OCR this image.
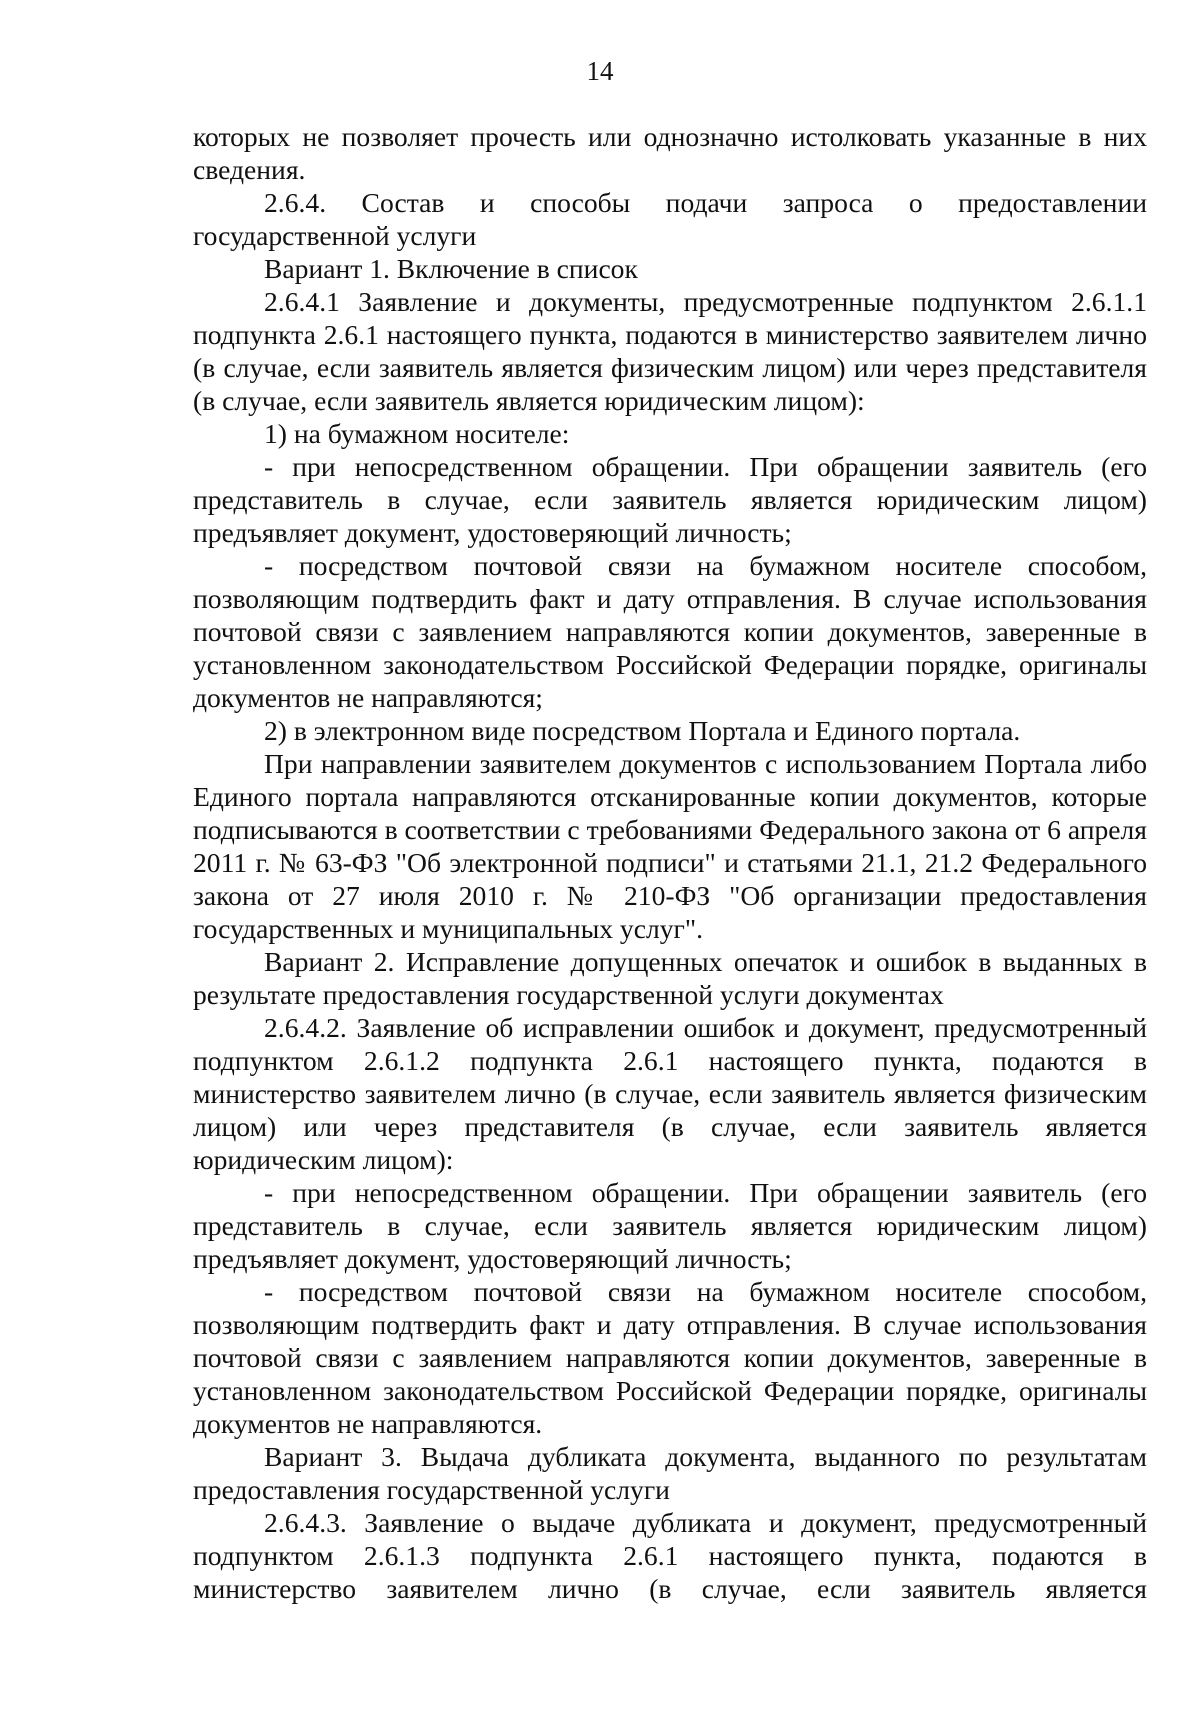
14

которых не позволяет прочесть или однозначно истолковать указанные в них сведения.

2.6.4. Состав и способы подачи запроса о предоставлении государственной услуги

Вариант 1. Включение в список

2.6.4.1 Заявление и документы, предусмотренные подпунктом 2.6.1.1 подпункта 2.6.1 настоящего пункта, подаются в министерство заявителем лично (в случае, если заявитель является физическим лицом) или через представителя (в случае, если заявитель является юридическим лицом):

1) на бумажном носителе:

- при непосредственном обращении. При обращении заявитель (его представитель в случае, если заявитель является юридическим лицом) предъявляет документ, удостоверяющий личность;

- посредством почтовой связи на бумажном носителе способом, позволяющим подтвердить факт и дату отправления. В случае использования почтовой связи с заявлением направляются копии документов, заверенные в установленном законодательством Российской Федерации порядке, оригиналы документов не направляются;

2) в электронном виде посредством Портала и Единого портала.

При направлении заявителем документов с использованием Портала либо Единого портала направляются отсканированные копии документов, которые подписываются в соответствии с требованиями Федерального закона от 6 апреля 2011 г. № 63-ФЗ "Об электронной подписи" и статьями 21.1, 21.2 Федерального закона от 27 июля 2010 г. № 210-ФЗ "Об организации предоставления государственных и муниципальных услуг".

Вариант 2. Исправление допущенных опечаток и ошибок в выданных в результате предоставления государственной услуги документах

2.6.4.2. Заявление об исправлении ошибок и документ, предусмотренный подпунктом 2.6.1.2 подпункта 2.6.1 настоящего пункта, подаются в министерство заявителем лично (в случае, если заявитель является физическим лицом) или через представителя (в случае, если заявитель является юридическим лицом):

- при непосредственном обращении. При обращении заявитель (его представитель в случае, если заявитель является юридическим лицом) предъявляет документ, удостоверяющий личность;

- посредством почтовой связи на бумажном носителе способом, позволяющим подтвердить факт и дату отправления. В случае использования почтовой связи с заявлением направляются копии документов, заверенные в установленном законодательством Российской Федерации порядке, оригиналы документов не направляются.

Вариант 3. Выдача дубликата документа, выданного по результатам предоставления государственной услуги

2.6.4.3. Заявление о выдаче дубликата и документ, предусмотренный подпунктом 2.6.1.3 подпункта 2.6.1 настоящего пункта, подаются в министерство заявителем лично (в случае, если заявитель является
